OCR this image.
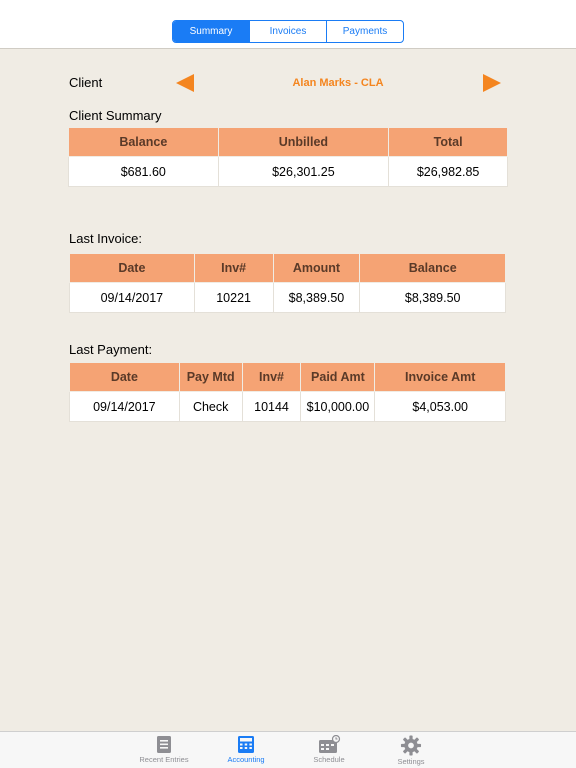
Summary	Invoices	Payments
Client	Alan Marks - CLA
Client Summary
Balance	Unbilled	Total
$681.60	$26,301.25	$26,982.85
Last Invoice:
Date	Inv#	Amount	Balance
09/14/2017	10221	$8,389.50	$8,389.50
Last Payment:
Date	Pay Mtd	Inv#	Paid Amt	Invoice Amt
09/14/2017	Check	10144	$10,000.00	$4,053.00
Recent Entries	Accounting	Schedule	Settings
